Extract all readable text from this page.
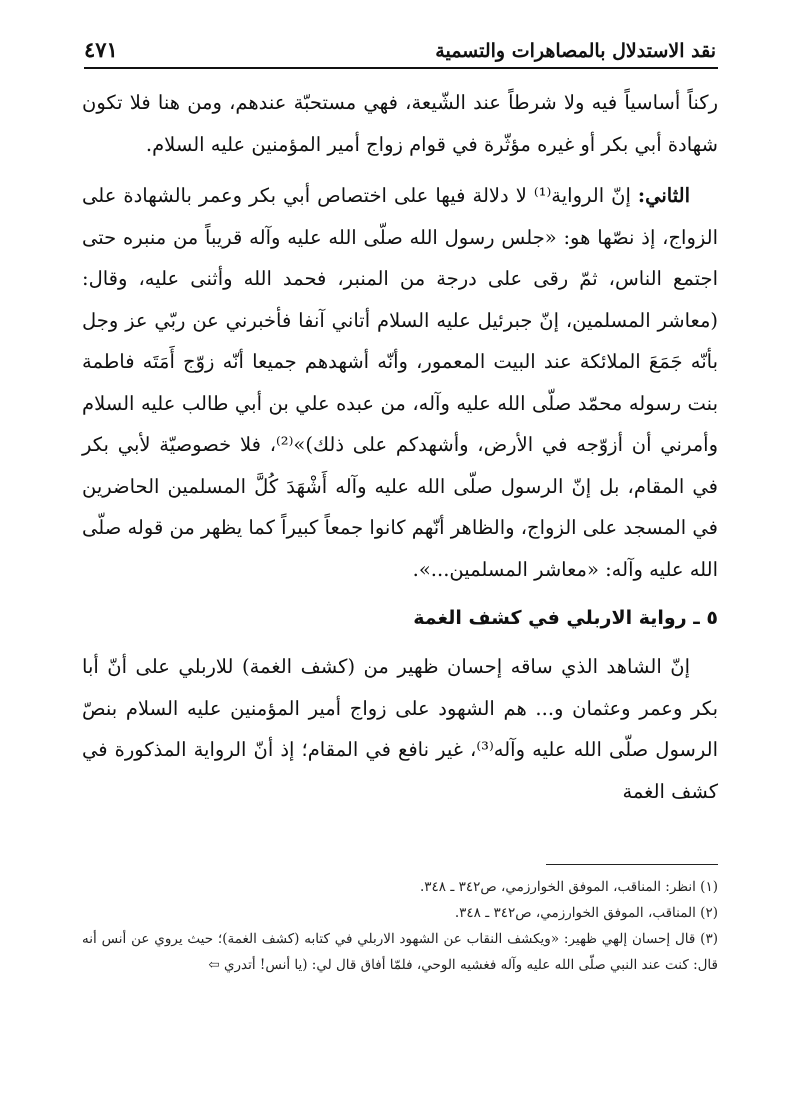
نقد الاستدلال بالمصاهرات والتسمية
٤٧١

ركناً أساسياً فيه ولا شرطاً عند الشّيعة، فهي مستحبّة عندهم، ومن هنا فلا تكون شهادة أبي بكر أو غيره مؤثّرة في قوام زواج أمير المؤمنين عليه السلام.

الثاني: إنّ الرواية⁽¹⁾ لا دلالة فيها على اختصاص أبي بكر وعمر بالشهادة على الزواج، إذ نصّها هو: «جلس رسول الله صلّى الله عليه وآله قريباً من منبره حتى اجتمع الناس، ثمّ رقى على درجة من المنبر، فحمد الله وأثنى عليه، وقال: (معاشر المسلمين، إنّ جبرئيل عليه السلام أتاني آنفا فأخبرني عن ربّي عز وجل بأنّه جَمَعَ الملائكة عند البيت المعمور، وأنّه أشهدهم جميعا أنّه زوّج أَمَتَه فاطمة بنت رسوله محمّد صلّى الله عليه وآله، من عبده علي بن أبي طالب عليه السلام وأمرني أن أزوّجه في الأرض، وأشهدكم على ذلك)»⁽²⁾، فلا خصوصيّة لأبي بكر في المقام، بل إنّ الرسول صلّى الله عليه وآله أَشْهَدَ كُلَّ المسلمين الحاضرين في المسجد على الزواج، والظاهر أنّهم كانوا جمعاً كبيراً كما يظهر من قوله صلّى الله عليه وآله: «معاشر المسلمين...».

٥ ـ رواية الاربلي في كشف الغمة

إنّ الشاهد الذي ساقه إحسان ظهير من (كشف الغمة) للاربلي على أنّ أبا بكر وعمر وعثمان و... هم الشهود على زواج أمير المؤمنين عليه السلام بنصّ الرسول صلّى الله عليه وآله⁽³⁾، غير نافع في المقام؛ إذ أنّ الرواية المذكورة في كشف الغمة

(١) انظر: المناقب، الموفق الخوارزمي، ص٣٤٢ ـ ٣٤٨.

(٢) المناقب، الموفق الخوارزمي، ص٣٤٢ ـ ٣٤٨.

(٣) قال إحسان إلهي ظهير: «ويكشف النقاب عن الشهود الاربلي في كتابه (كشف الغمة)؛ حيث يروي عن أنس أنه قال: كنت عند النبي صلّى الله عليه وآله فغشيه الوحي، فلمّا أفاق قال لي: (يا أنس! أتدري ⇦
